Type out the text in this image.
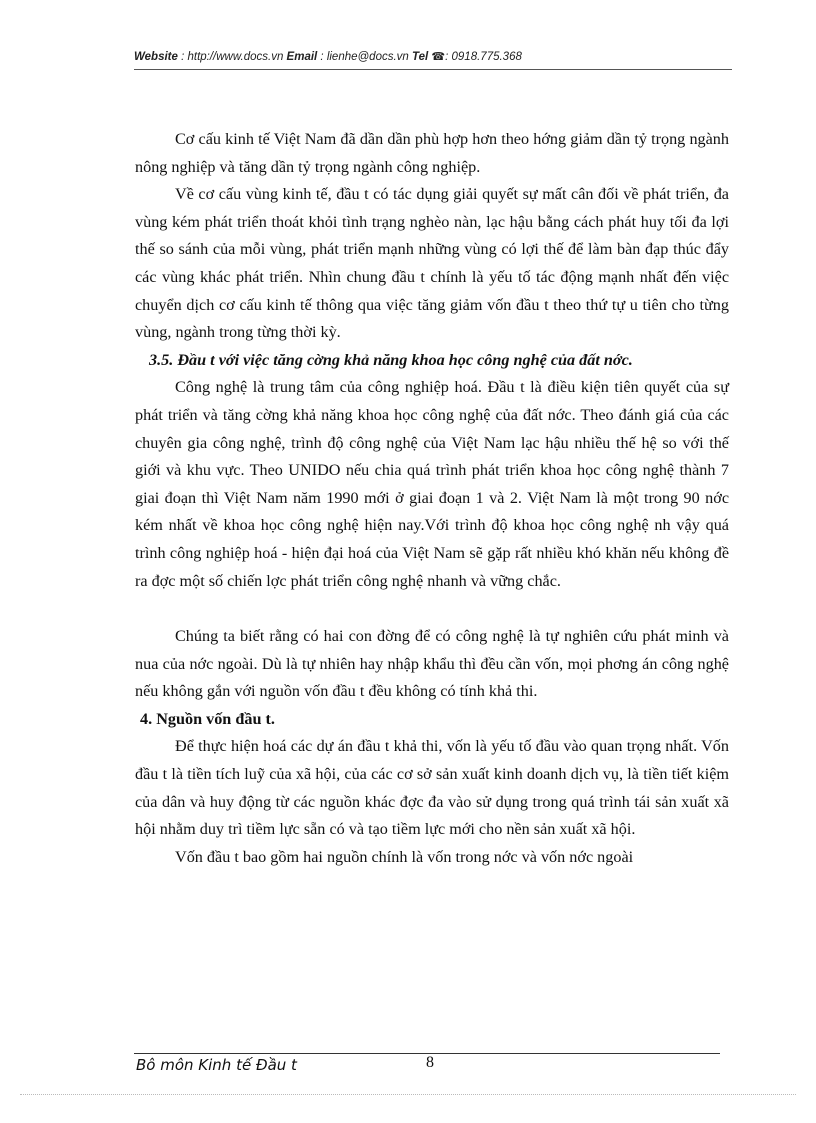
Website : http://www.docs.vn Email : lienhe@docs.vn Tel ☎: 0918.775.368

Cơ cấu kinh tế Việt Nam đã dần dần phù hợp hơn theo hớng giảm dần tỷ trọng ngành nông nghiệp và tăng dần tỷ trọng ngành công nghiệp.

Về cơ cấu vùng kinh tế, đầu t có tác dụng giải quyết sự mất cân đối về phát triển, đa vùng kém phát triển thoát khỏi tình trạng nghèo nàn, lạc hậu bằng cách phát huy tối đa lợi thế so sánh của mỗi vùng, phát triển mạnh những vùng có lợi thế để làm bàn đạp thúc đẩy các vùng khác phát triển. Nhìn chung đầu t chính là yếu tố tác động mạnh nhất đến việc chuyển dịch cơ cấu kinh tế thông qua việc tăng giảm vốn đầu t theo thứ tự u tiên cho từng vùng, ngành trong từng thời kỳ.

3.5. Đầu t với việc tăng cờng khả năng khoa học công nghệ của đất nớc.

Công nghệ là trung tâm của công nghiệp hoá. Đầu t là điều kiện tiên quyết của sự phát triển và tăng cờng khả năng khoa học công nghệ của đất nớc. Theo đánh giá của các chuyên gia công nghệ, trình độ công nghệ của Việt Nam lạc hậu nhiều thế hệ so với thế giới và khu vực. Theo UNIDO nếu chia quá trình phát triển khoa học công nghệ thành 7 giai đoạn thì Việt Nam năm 1990 mới ở giai đoạn 1 và 2. Việt Nam là một trong 90 nớc kém nhất về khoa học công nghệ hiện nay.Với trình độ khoa học công nghệ nh vậy quá trình công nghiệp hoá - hiện đại hoá của Việt Nam sẽ gặp rất nhiều khó khăn nếu không đề ra đợc một số chiến lợc phát triển công nghệ nhanh và vững chắc.

Chúng ta biết rằng có hai con đờng để có công nghệ là tự nghiên cứu phát minh và nua của nớc ngoài. Dù là tự nhiên hay nhập khẩu thì đều cần vốn, mọi phơng án công nghệ nếu không gắn với nguồn vốn đầu t đều không có tính khả thi.

4. Nguồn vốn đầu t.

Để thực hiện hoá các dự án đầu t khả thi, vốn là yếu tố đầu vào quan trọng nhất. Vốn đầu t là tiền tích luỹ của xã hội, của các cơ sở sản xuất kinh doanh dịch vụ, là tiền tiết kiệm của dân và huy động từ các nguồn khác đợc đa vào sử dụng trong quá trình tái sản xuất xã hội nhằm duy trì tiềm lực sẵn có và tạo tiềm lực mới cho nền sản xuất xã hội.

Vốn đầu t bao gồm hai nguồn chính là vốn trong nớc và vốn nớc ngoài

Bô môn Kinh tế Đầu t	8
